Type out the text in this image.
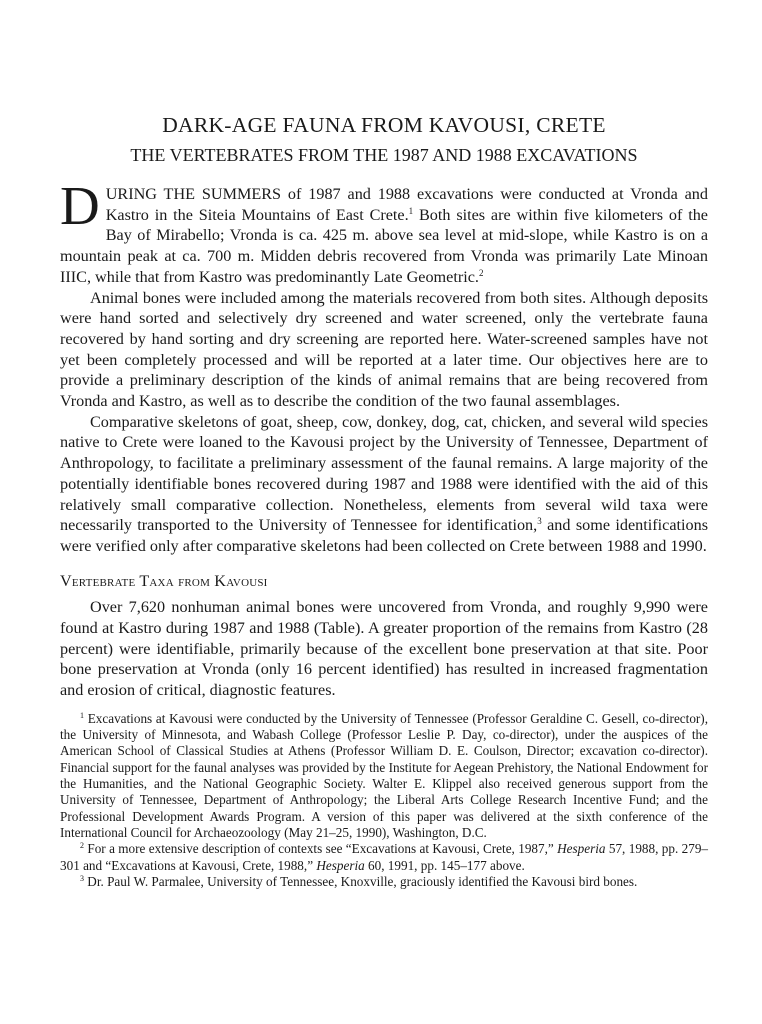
DARK-AGE FAUNA FROM KAVOUSI, CRETE
THE VERTEBRATES FROM THE 1987 AND 1988 EXCAVATIONS

DURING THE SUMMERS of 1987 and 1988 excavations were conducted at Vronda and Kastro in the Siteia Mountains of East Crete.$^1$ Both sites are within five kilometers of the Bay of Mirabello; Vronda is ca. 425 m. above sea level at mid-slope, while Kastro is on a mountain peak at ca. 700 m. Midden debris recovered from Vronda was primarily Late Minoan IIIC, while that from Kastro was predominantly Late Geometric.$^2$

Animal bones were included among the materials recovered from both sites. Although deposits were hand sorted and selectively dry screened and water screened, only the vertebrate fauna recovered by hand sorting and dry screening are reported here. Water-screened samples have not yet been completely processed and will be reported at a later time. Our objectives here are to provide a preliminary description of the kinds of animal remains that are being recovered from Vronda and Kastro, as well as to describe the condition of the two faunal assemblages.

Comparative skeletons of goat, sheep, cow, donkey, dog, cat, chicken, and several wild species native to Crete were loaned to the Kavousi project by the University of Tennessee, Department of Anthropology, to facilitate a preliminary assessment of the faunal remains. A large majority of the potentially identifiable bones recovered during 1987 and 1988 were identified with the aid of this relatively small comparative collection. Nonetheless, elements from several wild taxa were necessarily transported to the University of Tennessee for identification,$^3$ and some identifications were verified only after comparative skeletons had been collected on Crete between 1988 and 1990.

Vertebrate Taxa from Kavousi

Over 7,620 nonhuman animal bones were uncovered from Vronda, and roughly 9,990 were found at Kastro during 1987 and 1988 (Table). A greater proportion of the remains from Kastro (28 percent) were identifiable, primarily because of the excellent bone preservation at that site. Poor bone preservation at Vronda (only 16 percent identified) has resulted in increased fragmentation and erosion of critical, diagnostic features.

$^1$ Excavations at Kavousi were conducted by the University of Tennessee (Professor Geraldine C. Gesell, co-director), the University of Minnesota, and Wabash College (Professor Leslie P. Day, co-director), under the auspices of the American School of Classical Studies at Athens (Professor William D. E. Coulson, Director; excavation co-director). Financial support for the faunal analyses was provided by the Institute for Aegean Prehistory, the National Endowment for the Humanities, and the National Geographic Society. Walter E. Klippel also received generous support from the University of Tennessee, Department of Anthropology; the Liberal Arts College Research Incentive Fund; and the Professional Development Awards Program. A version of this paper was delivered at the sixth conference of the International Council for Archaeozoology (May 21–25, 1990), Washington, D.C.

$^2$ For a more extensive description of contexts see “Excavations at Kavousi, Crete, 1987,” Hesperia 57, 1988, pp. 279–301 and “Excavations at Kavousi, Crete, 1988,” Hesperia 60, 1991, pp. 145–177 above.

$^3$ Dr. Paul W. Parmalee, University of Tennessee, Knoxville, graciously identified the Kavousi bird bones.
